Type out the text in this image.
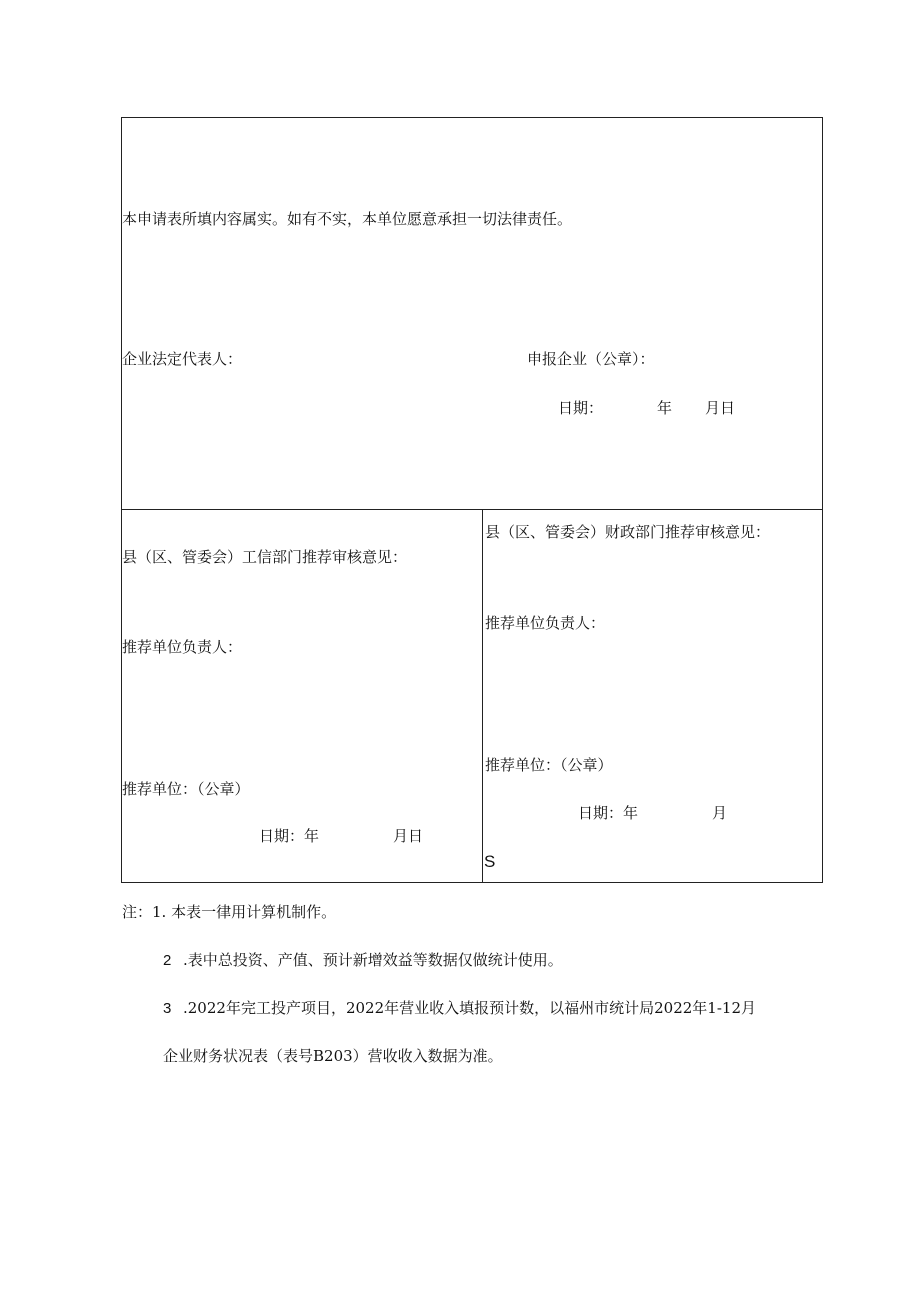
本申请表所填内容属实。如有不实，本单位愿意承担一切法律责任。
企业法定代表人：	申报企业（公章）：
日期：	年 月日
县（区、管委会）工信部门推荐审核意见：
推荐单位负责人：
推荐单位：（公章）
日期：年	月日
县（区、管委会）财政部门推荐审核意见：
推荐单位负责人：
推荐单位：（公章）
日期：年	月
S
注：1. 本表一律用计算机制作。
2 .表中总投资、产值、预计新增效益等数据仅做统计使用。
3 .2022年完工投产项目，2022年营业收入填报预计数，以福州市统计局2022年1-12月
企业财务状况表（表号B203）营收收入数据为准。
